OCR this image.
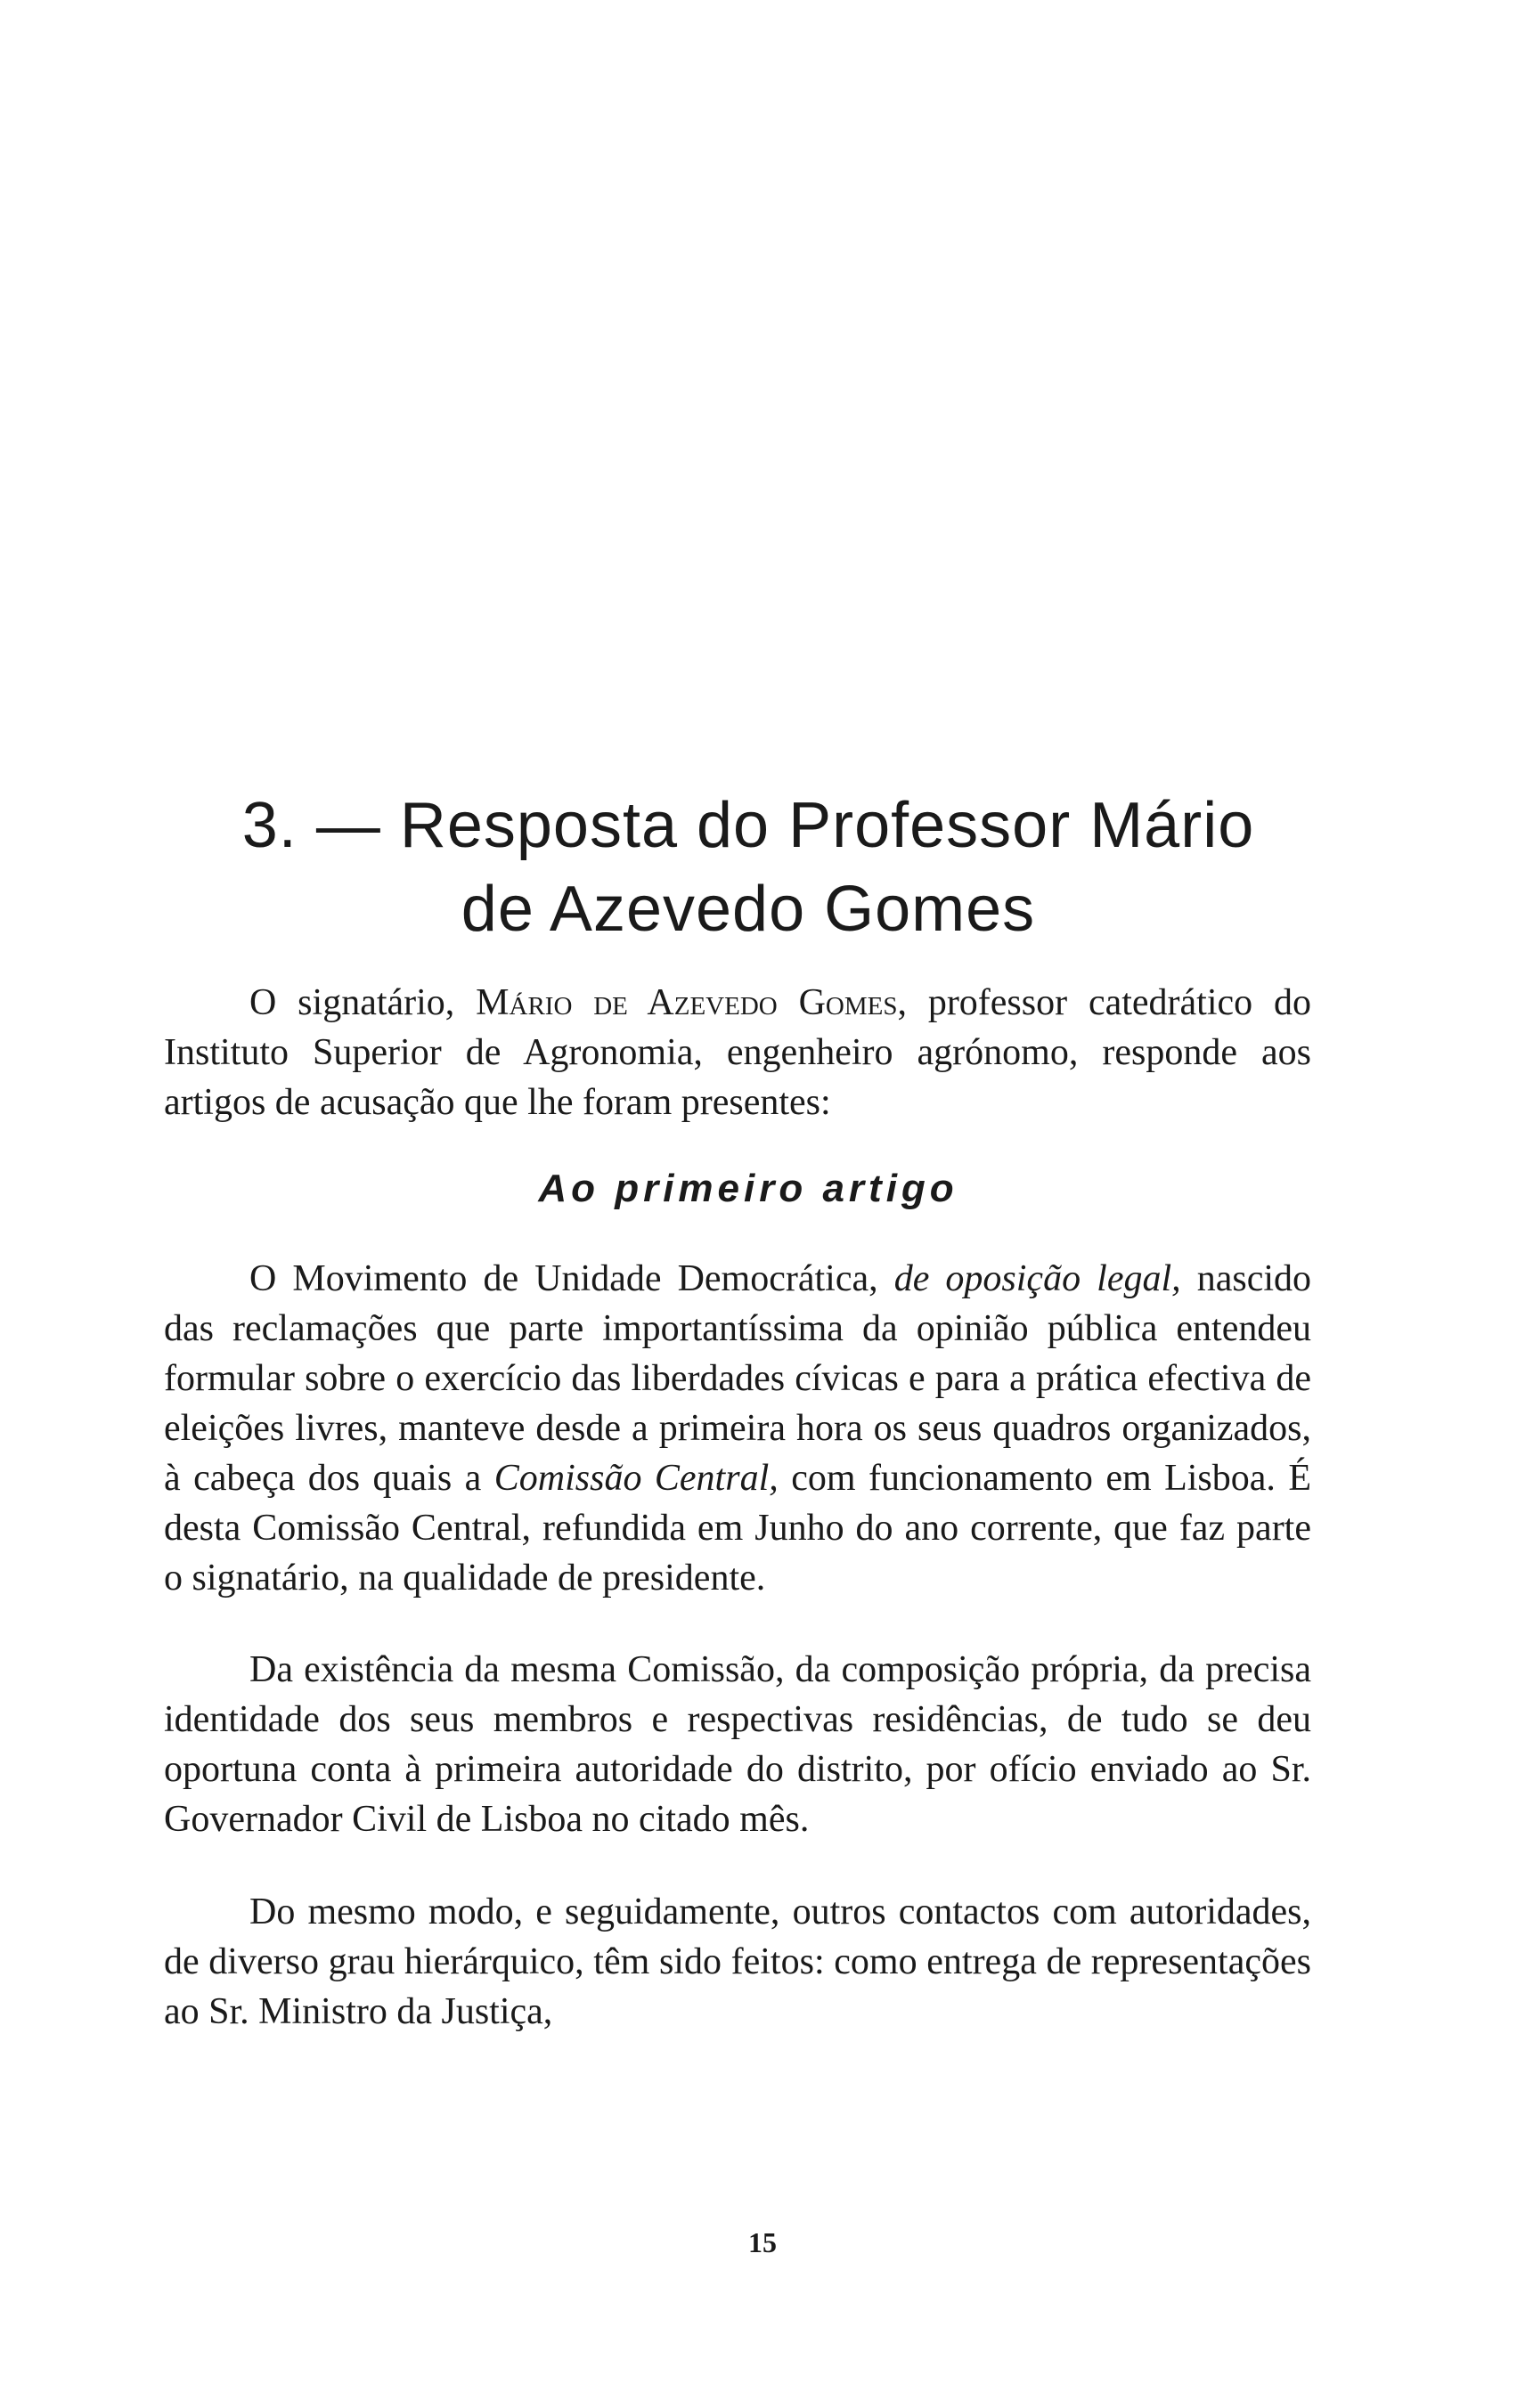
3. — Resposta do Professor Mário
de Azevedo Gomes

O signatário, Mário de Azevedo Gomes, professor catedrático do Instituto Superior de Agronomia, engenheiro agrónomo, responde aos artigos de acusação que lhe foram presentes:

Ao primeiro artigo

O Movimento de Unidade Democrática, de oposição legal, nascido das reclamações que parte importantíssima da opinião pública entendeu formular sobre o exercício das liberdades cívicas e para a prática efectiva de eleições livres, manteve desde a primeira hora os seus quadros organizados, à cabeça dos quais a Comissão Central, com funcionamento em Lisboa. É desta Comissão Central, refundida em Junho do ano corrente, que faz parte o signatário, na qualidade de presidente.

Da existência da mesma Comissão, da composição própria, da precisa identidade dos seus membros e respectivas residências, de tudo se deu oportuna conta à primeira autoridade do distrito, por ofício enviado ao Sr. Governador Civil de Lisboa no citado mês.

Do mesmo modo, e seguidamente, outros contactos com autoridades, de diverso grau hierárquico, têm sido feitos: como entrega de representações ao Sr. Ministro da Justiça,

15
